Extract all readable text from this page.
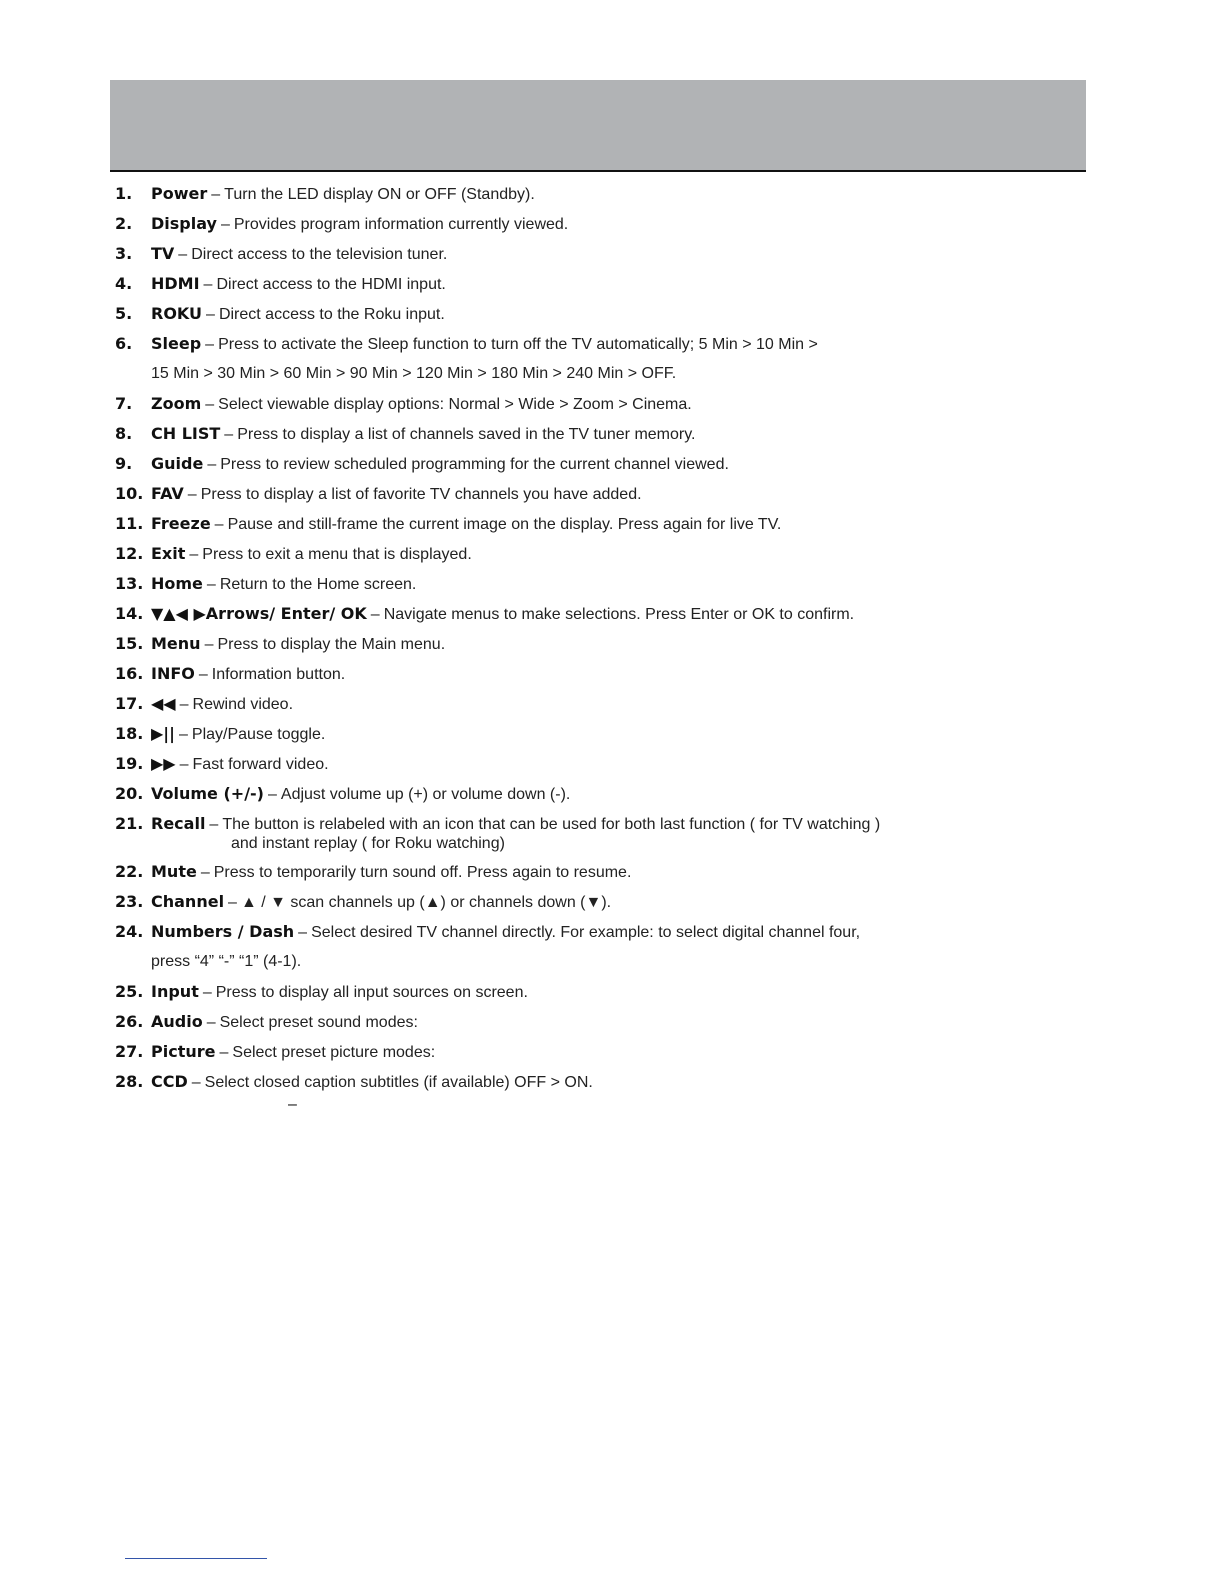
1.	Power – Turn the LED display ON or OFF (Standby).
2.	Display – Provides program information currently viewed.
3.	TV – Direct access to the television tuner.
4.	HDMI – Direct access to the HDMI input.
5.	ROKU – Direct access to the Roku input.
6.	Sleep – Press to activate the Sleep function to turn off the TV automatically; 5 Min > 10 Min >
15 Min > 30 Min > 60 Min > 90 Min > 120 Min > 180 Min > 240 Min > OFF.
7.	Zoom – Select viewable display options: Normal > Wide > Zoom > Cinema.
8.	CH LIST – Press to display a list of channels saved in the TV tuner memory.
9.	Guide – Press to review scheduled programming for the current channel viewed.
10. FAV – Press to display a list of favorite TV channels you have added.
11. Freeze – Pause and still-frame the current image on the display. Press again for live TV.
12. Exit – Press to exit a menu that is displayed.
13. Home – Return to the Home screen.
14. ▼▲◀ ▶Arrows/ Enter/ OK – Navigate menus to make selections. Press Enter or OK to confirm.
15. Menu – Press to display the Main menu.
16. INFO – Information button.
17. ◀◀ – Rewind video.
18. ▶|| – Play/Pause toggle.
19. ▶▶ – Fast forward video.
20. Volume (+/-) – Adjust volume up (+) or volume down (-).
21. Recall – The button is relabeled with an icon that can be used for both last function ( for TV watching )
and instant replay ( for Roku watching)
22. Mute – Press to temporarily turn sound off. Press again to resume.
23. Channel – ▲ / ▼ scan channels up (▲) or channels down (▼).
24. Numbers / Dash – Select desired TV channel directly. For example: to select digital channel four,
press “4” “-” “1” (4-1).
25. Input – Press to display all input sources on screen.
26. Audio – Select preset sound modes:
27. Picture – Select preset picture modes:
28. CCD – Select closed caption subtitles (if available) OFF > ON.
–
